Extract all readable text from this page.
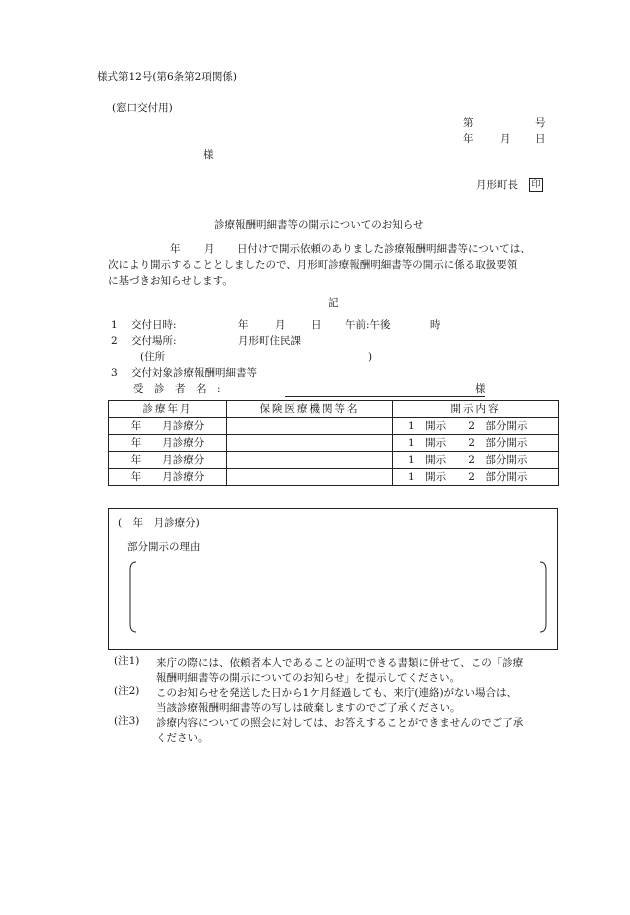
様式第12号(第6条第2項関係)
(窓口交付用)
第	号
年	月 日
様
月形町長 印
診療報酬明細書等の開示についてのお知らせ
年 月 日付けで開示依頼のありました診療報酬明細書等については、
次により開示することとしましたので、月形町診療報酬明細書等の開示に係る取扱要領
に基づきお知らせします。
記
1 交付日時:	年	月 日 午前:午後	時
2 交付場所:	月形町住民課
(住所	)
3 交付対象診療報酬明細書等
受　診　者　名　:	様
診療年月	保険医療機関等名	開示内容
年　　月診療分		1　開示 2　部分開示
年　　月診療分		1　開示 2　部分開示
年　　月診療分		1　開示 2　部分開示
年　　月診療分		1　開示 2　部分開示
(　年　月診療分)
部分開示の理由
(注1) 来庁の際には、依頼者本人であることの証明できる書類に併せて、この「診療
報酬明細書等の開示についてのお知らせ」を提示してください。
(注2) このお知らせを発送した日から1ケ月経過しても、来庁(連絡)がない場合は、
当該診療報酬明細書等の写しは破棄しますのでご了承ください。
(注3) 診療内容についての照会に対しては、お答えすることができませんのでご了承
ください。
